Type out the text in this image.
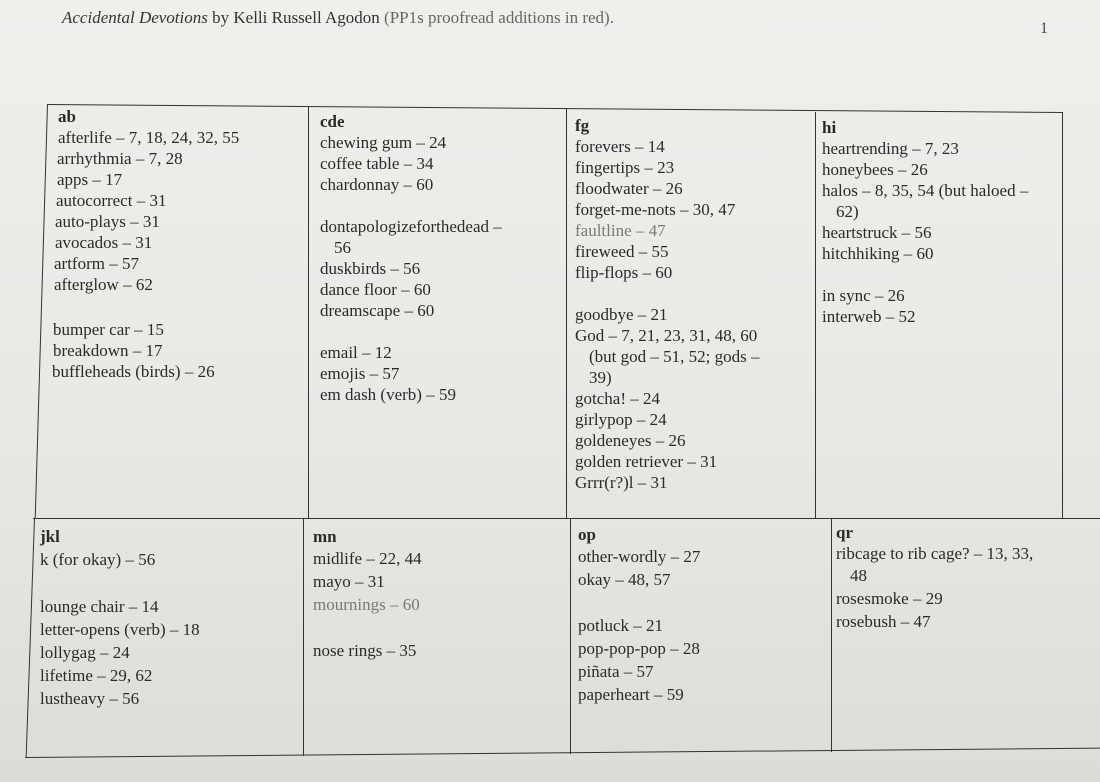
Accidental Devotions by Kelli Russell Agodon (PP1s proofread additions in red).
1
ab
afterlife – 7, 18, 24, 32, 55
arrhythmia – 7, 28
apps – 17
autocorrect – 31
auto-plays – 31
avocados – 31
artform – 57
afterglow – 62
bumper car – 15
breakdown – 17
buffleheads (birds) – 26
cde
chewing gum – 24
coffee table – 34
chardonnay – 60
dontapologizeforthedead –
56
duskbirds – 56
dance floor – 60
dreamscape – 60
email – 12
emojis – 57
em dash (verb) – 59
fg
forevers – 14
fingertips – 23
floodwater – 26
forget-me-nots – 30, 47
faultline – 47
fireweed – 55
flip-flops – 60
goodbye – 21
God – 7, 21, 23, 31, 48, 60
(but god – 51, 52; gods –
39)
gotcha! – 24
girlypop – 24
goldeneyes – 26
golden retriever – 31
Grrr(r?)l – 31
hi
heartrending – 7, 23
honeybees – 26
halos – 8, 35, 54 (but haloed –
62)
heartstruck – 56
hitchhiking – 60
in sync – 26
interweb – 52
jkl
k (for okay) – 56
lounge chair – 14
letter-opens (verb) – 18
lollygag – 24
lifetime – 29, 62
lustheavy – 56
mn
midlife – 22, 44
mayo – 31
mournings – 60
nose rings – 35
op
other-wordly – 27
okay – 48, 57
potluck – 21
pop-pop-pop – 28
piñata – 57
paperheart – 59
qr
ribcage to rib cage? – 13, 33,
48
rosesmoke – 29
rosebush – 47
